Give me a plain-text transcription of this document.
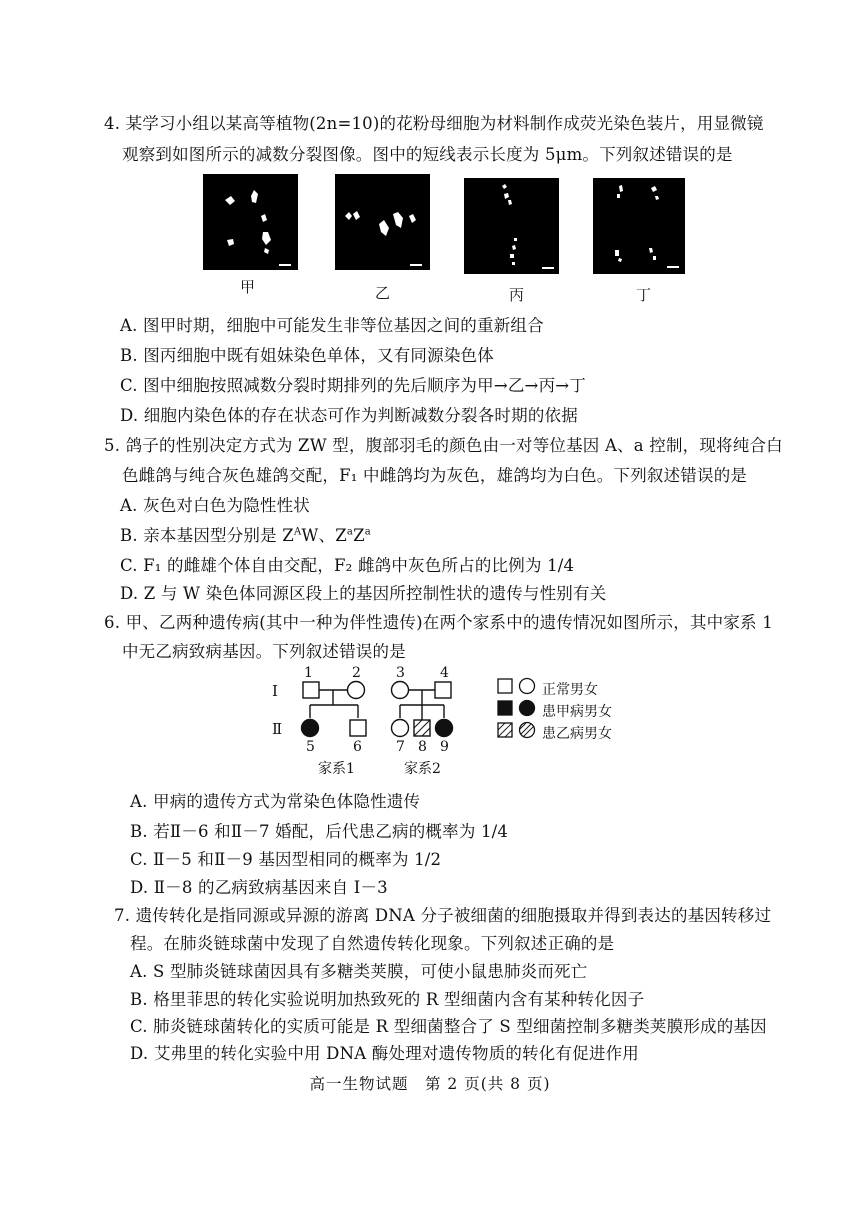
4. 某学习小组以某高等植物(2n=10)的花粉母细胞为材料制作成荧光染色装片，用显微镜
观察到如图所示的减数分裂图像。图中的短线表示长度为 5μm。下列叙述错误的是
甲	乙	丙	丁
A. 图甲时期，细胞中可能发生非等位基因之间的重新组合
B. 图丙细胞中既有姐妹染色单体，又有同源染色体
C. 图中细胞按照减数分裂时期排列的先后顺序为甲→乙→丙→丁
D. 细胞内染色体的存在状态可作为判断减数分裂各时期的依据
5. 鸽子的性别决定方式为 ZW 型，腹部羽毛的颜色由一对等位基因 A、a 控制，现将纯合白
色雌鸽与纯合灰色雄鸽交配，F₁ 中雌鸽均为灰色，雄鸽均为白色。下列叙述错误的是
A. 灰色对白色为隐性性状
B. 亲本基因型分别是 $Z^AW$、$Z^aZ^a$
C. F₁ 的雌雄个体自由交配，F₂ 雌鸽中灰色所占的比例为 1/4
D. Z 与 W 染色体同源区段上的基因所控制性状的遗传与性别有关
6. 甲、乙两种遗传病(其中一种为伴性遗传)在两个家系中的遗传情况如图所示，其中家系 1
中无乙病致病基因。下列叙述错误的是
1	2	3	4
Ⅰ
Ⅱ
5	6 7 8 9
家系1	家系2
正常男女
患甲病男女
患乙病男女
A. 甲病的遗传方式为常染色体隐性遗传
B. 若Ⅱ－6 和Ⅱ－7 婚配，后代患乙病的概率为 1/4
C. Ⅱ－5 和Ⅱ－9 基因型相同的概率为 1/2
D. Ⅱ－8 的乙病致病基因来自 Ⅰ－3
7. 遗传转化是指同源或异源的游离 DNA 分子被细菌的细胞摄取并得到表达的基因转移过
程。在肺炎链球菌中发现了自然遗传转化现象。下列叙述正确的是
A. S 型肺炎链球菌因具有多糖类荚膜，可使小鼠患肺炎而死亡
B. 格里菲思的转化实验说明加热致死的 R 型细菌内含有某种转化因子
C. 肺炎链球菌转化的实质可能是 R 型细菌整合了 S 型细菌控制多糖类荚膜形成的基因
D. 艾弗里的转化实验中用 DNA 酶处理对遗传物质的转化有促进作用
高一生物试题　第 2 页(共 8 页)
